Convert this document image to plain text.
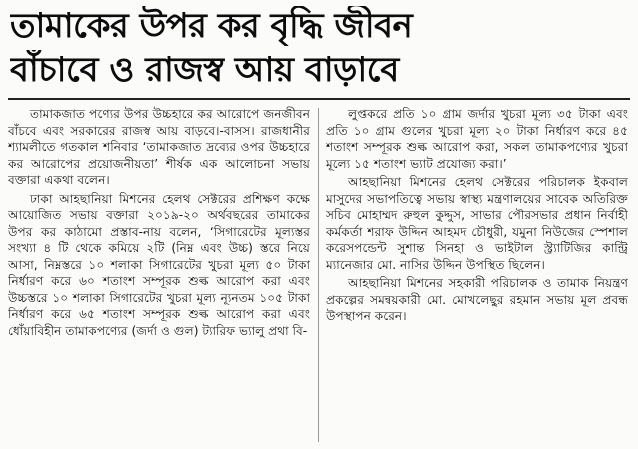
তামাকের উপর কর বৃদ্ধি জীবন
বাঁচাবে ও রাজস্ব আয় বাড়াবে

তামাকজাত পণ্যের উপর উচ্চহারে কর আরোপে জনজীবন বাঁচবে এবং সরকারের রাজস্ব আয় বাড়বে।-বাসস। রাজধানীর শ্যামলীতে গতকাল শনিবার ‘তামাকজাত দ্রব্যের ওপর উচ্চহারে কর আরোপের প্রয়োজনীয়তা’ শীর্ষক এক আলোচনা সভায় বক্তারা একথা বলেন।

ঢাকা আহছানিয়া মিশনের হেলথ সেক্টরের প্রশিক্ষণ কক্ষে আয়োজিত সভায় বক্তারা ২০১৯-২০ অর্থবছরের তামাকের উপর কর কাঠামো প্রস্তাব-নায় বলেন, ‘সিগারেটের মূল্যস্তর সংখ্যা ৪ টি থেকে কমিয়ে ২টি (নিম্ন এবং উচ্চ) স্তরে নিয়ে আসা, নিম্নস্তরে ১০ শলাকা সিগারেটের খুচরা মূল্য ৫০ টাকা নির্ধারণ করে ৬০ শতাংশ সম্পূরক শুল্ক আরোপ করা এবং উচ্চস্তরে ১০ শলাকা সিগারেটের খুচরা মূল্য ন্যূনতম ১০৫ টাকা নির্ধারণ করে ৬৫ শতাংশ সম্পূরক শুল্ক আরোপ করা এবং ধোঁয়াবিহীন তামাকপণ্যের (জর্দা ও গুল) ট্যারিফ ভ্যালু প্রথা বি-

লুপ্তকরে প্রতি ১০ গ্রাম জর্দার খুচরা মূল্য ৩৫ টাকা এবং প্রতি ১০ গ্রাম গুলের খুচরা মূল্য ২০ টাকা নির্ধারণ করে ৪৫ শতাংশ সম্পূরক শুল্ক আরোপ করা, সকল তামাকপণ্যের খুচরা মূল্যে ১৫ শতাংশ ভ্যাট প্রযোজ্য করা।’

আহছানিয়া মিশনের হেলথ সেক্টরের পরিচালক ইকবাল মাসুদের সভাপতিত্বে সভায় স্বাস্থ্য মন্ত্রণালয়ের সাবেক অতিরিক্ত সচিব মোহাম্মদ রুহুল কুদ্দুস, সাভার পৌরসভার প্রধান নির্বাহী কর্মকর্তা শরাফ উদ্দিন আহমদ চৌধুরী, যমুনা নিউজের স্পেশাল করেসপন্ডেন্ট সুশান্ত সিনহা ও ভাইটাল স্ট্র্যাটিজির কান্ট্রি ম্যানেজার মো. নাসির উদ্দিন উপস্থিত ছিলেন।

আহছানিয়া মিশনের সহকারী পরিচালক ও তামাক নিয়ন্ত্রণ প্রকল্পের সমন্বয়কারী মো. মোখলেছুর রহমান সভায় মূল প্রবন্ধ উপস্থাপন করেন।
